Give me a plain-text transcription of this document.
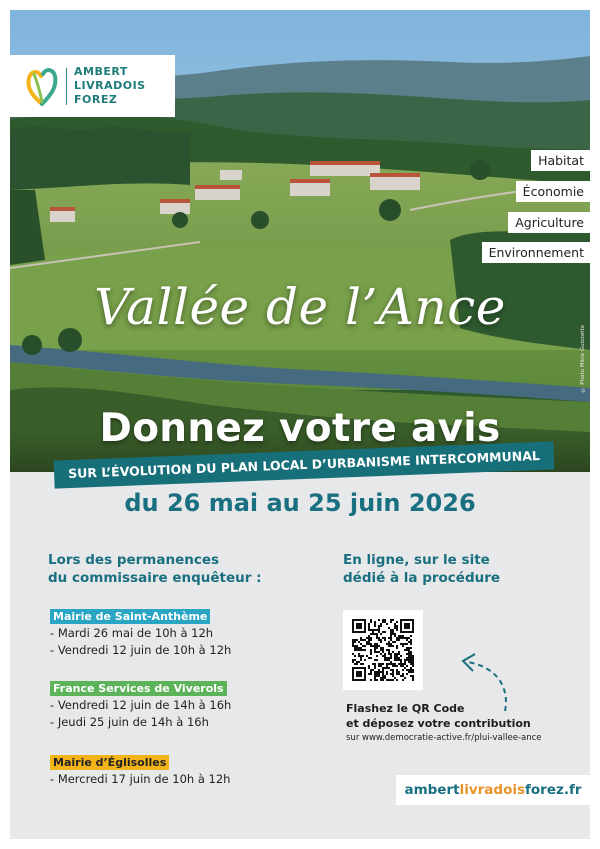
AMBERT
LIVRADOIS
FOREZ
Habitat
Économie
Agriculture
Environnement
© Photo Mikie Guizzette
Vallée de l’Ance
Donnez votre avis
SUR L’ÉVOLUTION DU PLAN LOCAL D’URBANISME INTERCOMMUNAL
du 26 mai au 25 juin 2026
Lors des permanences
du commissaire enquêteur :
En ligne, sur le site
dédié à la procédure
Mairie de Saint-Anthème
- Mardi 26 mai de 10h à 12h
- Vendredi 12 juin de 10h à 12h
France Services de Viverols
- Vendredi 12 juin de 14h à 16h
- Jeudi 25 juin de 14h à 16h
Mairie d’Églisolles
- Mercredi 17 juin de 10h à 12h
Flashez le QR Code
et déposez votre contribution
sur www.democratie-active.fr/plui-vallee-ance
ambertlivradoisforez.fr
